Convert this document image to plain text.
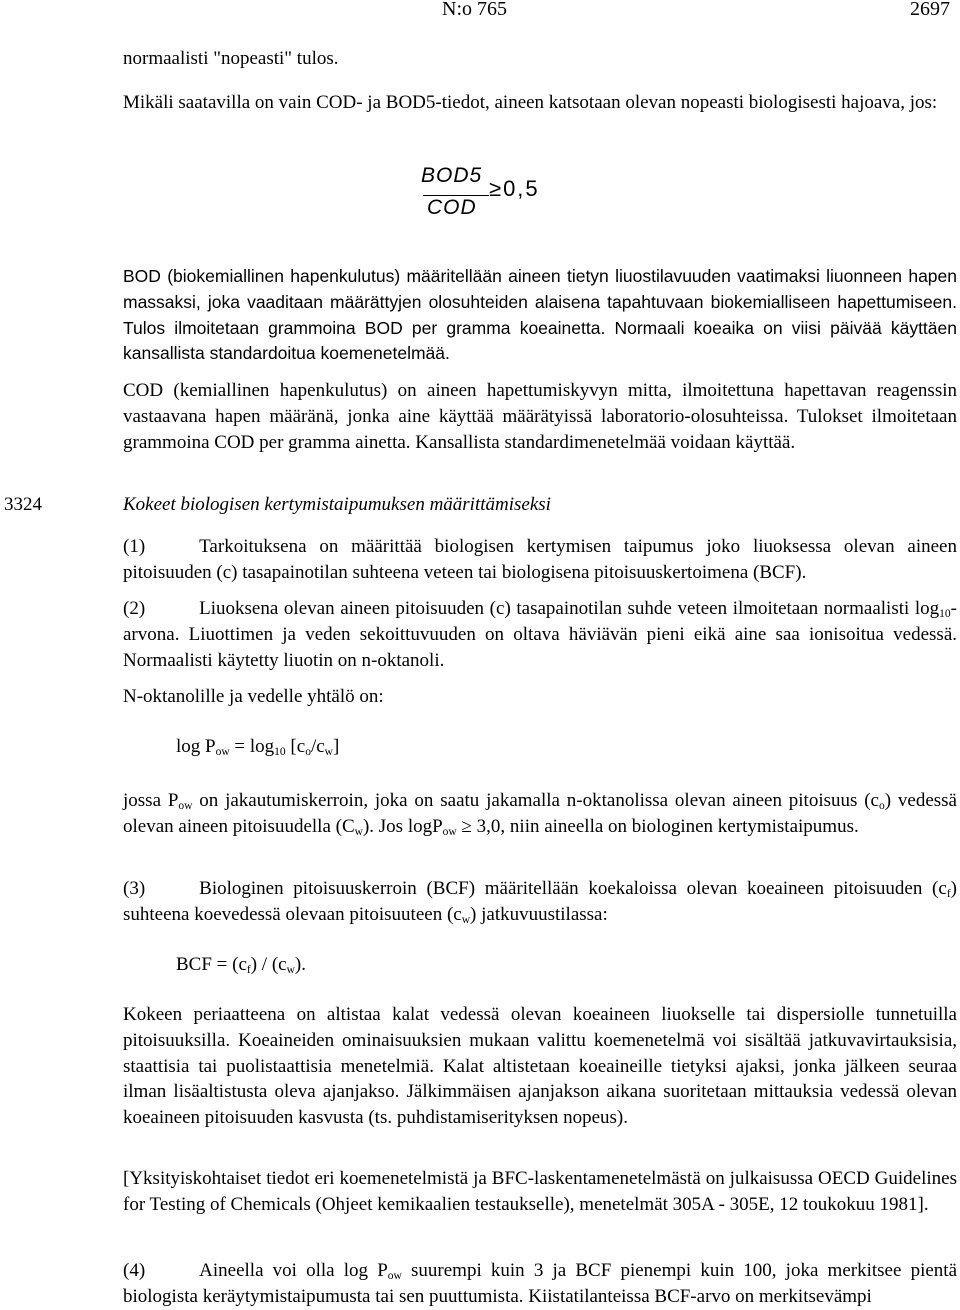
N:o 765	2697

normaalisti "nopeasti" tulos.

Mikäli saatavilla on vain COD- ja BOD5-tiedot, aineen katsotaan olevan nopeasti biologisesti hajoava, jos:

BOD5
COD
≥0,5

BOD (biokemiallinen hapenkulutus) määritellään aineen tietyn liuostilavuuden vaatimaksi liuonneen hapen massaksi, joka vaaditaan määrättyjen olosuhteiden alaisena tapahtuvaan biokemialliseen hapettumiseen. Tulos ilmoitetaan grammoina BOD per gramma koeainetta. Normaali koeaika on viisi päivää käyttäen kansallista standardoitua koemenetelmää.

COD (kemiallinen hapenkulutus) on aineen hapettumiskyvyn mitta, ilmoitettuna hapettavan reagenssin vastaavana hapen määränä, jonka aine käyttää määrätyissä laboratorio-olosuhteissa. Tulokset ilmoitetaan grammoina COD per gramma ainetta. Kansallista standardimenetelmää voidaan käyttää.

3324	Kokeet biologisen kertymistaipumuksen määrittämiseksi

(1)	Tarkoituksena on määrittää biologisen kertymisen taipumus joko liuoksessa olevan aineen pitoisuuden (c) tasapainotilan suhteena veteen tai biologisena pitoisuuskertoimena (BCF).

(2)	Liuoksena olevan aineen pitoisuuden (c) tasapainotilan suhde veteen ilmoitetaan normaalisti $\log_{10}$-arvona. Liuottimen ja veden sekoittuvuuden on oltava häviävän pieni eikä aine saa ionisoitua vedessä. Normaalisti käytetty liuotin on n-oktanoli.

N-oktanolille ja vedelle yhtälö on:

$\log P_{ow} = \log_{10} [c_o/c_w]$

jossa $P_{ow}$ on jakautumiskerroin, joka on saatu jakamalla n-oktanolissa olevan aineen pitoisuus $(c_o)$ vedessä olevan aineen pitoisuudella $(C_w)$. Jos logP$_{ow}$ ≥ 3,0, niin aineella on biologinen kertymistaipumus.

(3)	Biologinen pitoisuuskerroin (BCF) määritellään koekaloissa olevan koeaineen pitoisuuden $(c_f)$ suhteena koevedessä olevaan pitoisuuteen $(c_w)$ jatkuvuustilassa:

BCF = $(c_f) / (c_w)$.

Kokeen periaatteena on altistaa kalat vedessä olevan koeaineen liuokselle tai dispersiolle tunnetuilla pitoisuuksilla. Koeaineiden ominaisuuksien mukaan valittu koemenetelmä voi sisältää jatkuvavirtauksisia, staattisia tai puolistaattisia menetelmiä. Kalat altistetaan koeaineille tietyksi ajaksi, jonka jälkeen seuraa ilman lisäaltistusta oleva ajanjakso. Jälkimmäisen ajanjakson aikana suoritetaan mittauksia vedessä olevan koeaineen pitoisuuden kasvusta (ts. puhdistamiserityksen nopeus).

[Yksityiskohtaiset tiedot eri koemenetelmistä ja BFC-laskentamenetelmästä on julkaisussa OECD Guidelines for Testing of Chemicals (Ohjeet kemikaalien testaukselle), menetelmät 305A - 305E, 12 toukokuu 1981].

(4)	Aineella voi olla $\log P_{ow}$ suurempi kuin 3 ja BCF pienempi kuin 100, joka merkitsee pientä biologista keräytymistaipumusta tai sen puuttumista. Kiistatilanteissa BCF-arvo on merkitsevämpi
